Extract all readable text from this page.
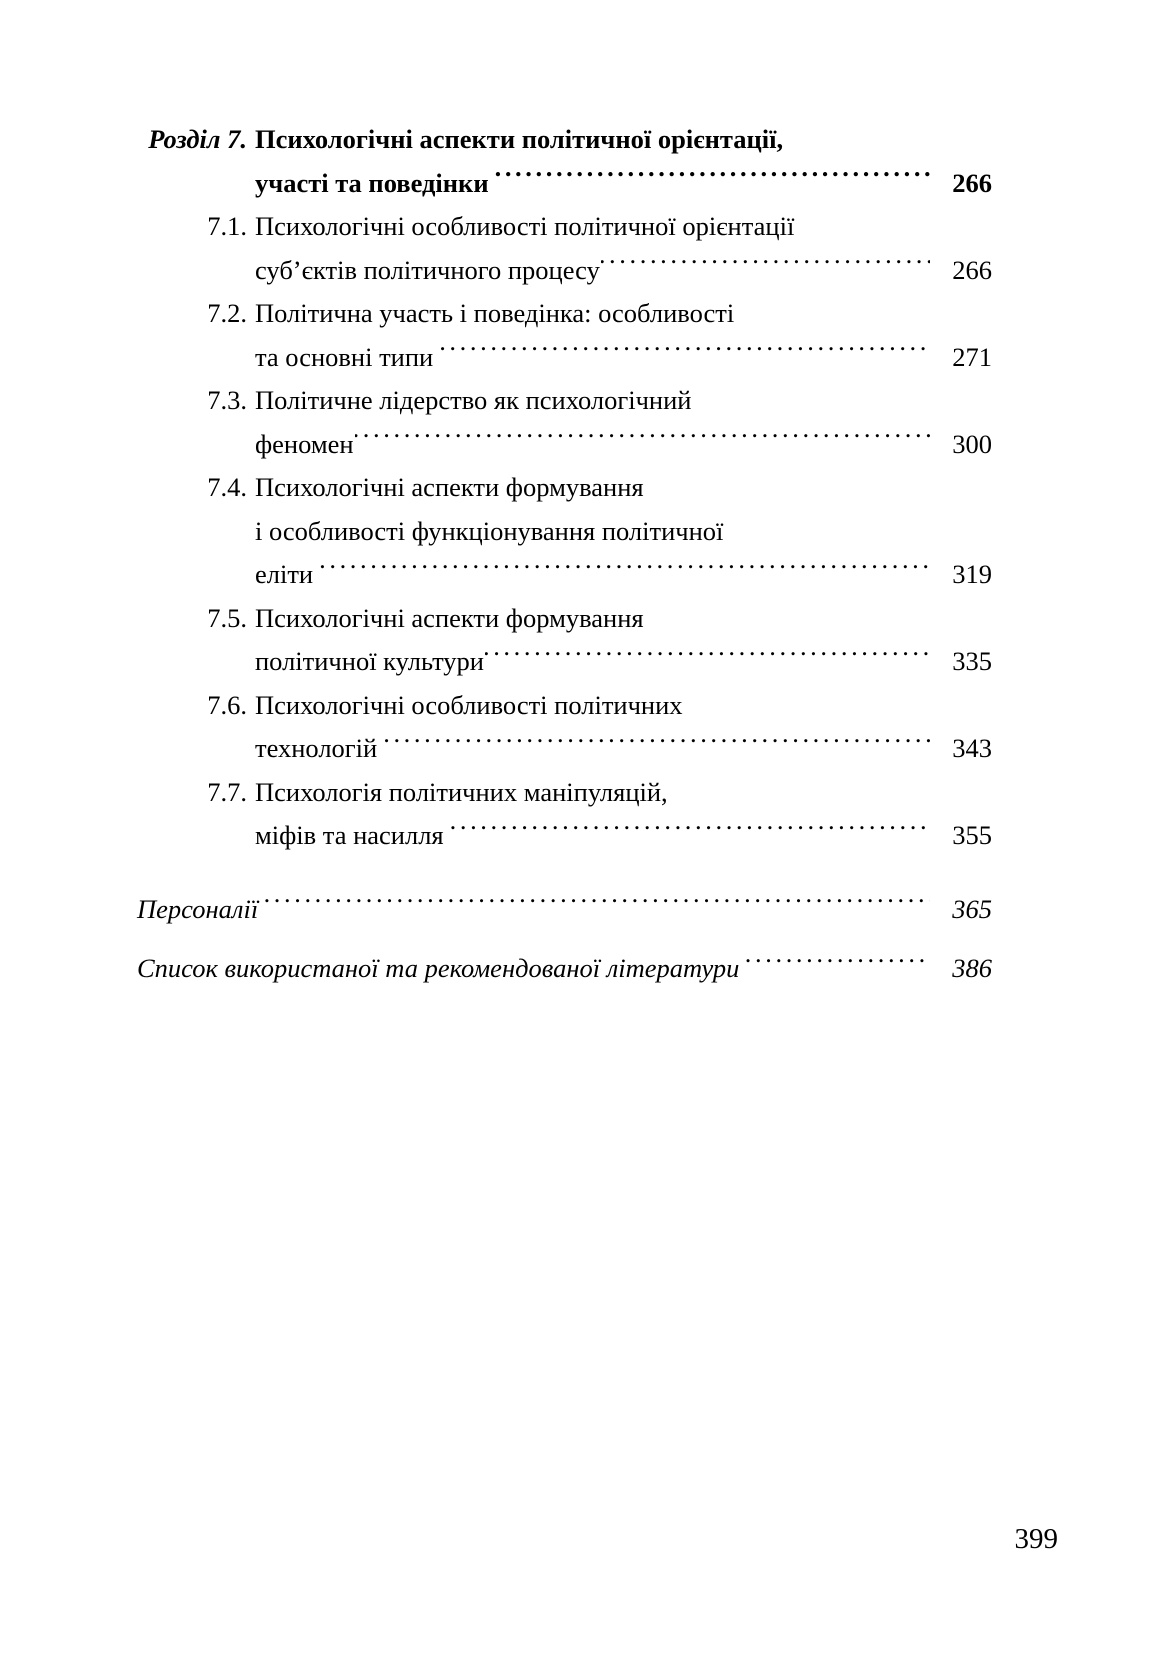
Розділ 7. Психологічні аспекти політичної орієнтації,
участі та поведінки .....	266
7.1. Психологічні особливості політичної орієнтації
суб’єктів політичного процесу .....	266
7.2. Політична участь і поведінка: особливості
та основні типи .....	271
7.3. Політичне лідерство як психологічний
феномен .....	300
7.4. Психологічні аспекти формування
і особливості функціонування політичної
еліти .....	319
7.5. Психологічні аспекти формування
політичної культури .....	335
7.6. Психологічні особливості політичних
технологій .....	343
7.7. Психологія політичних маніпуляцій,
міфів та насилля .....	355
Персоналії .....	365
Список використаної та рекомендованої літератури .....	386
399
